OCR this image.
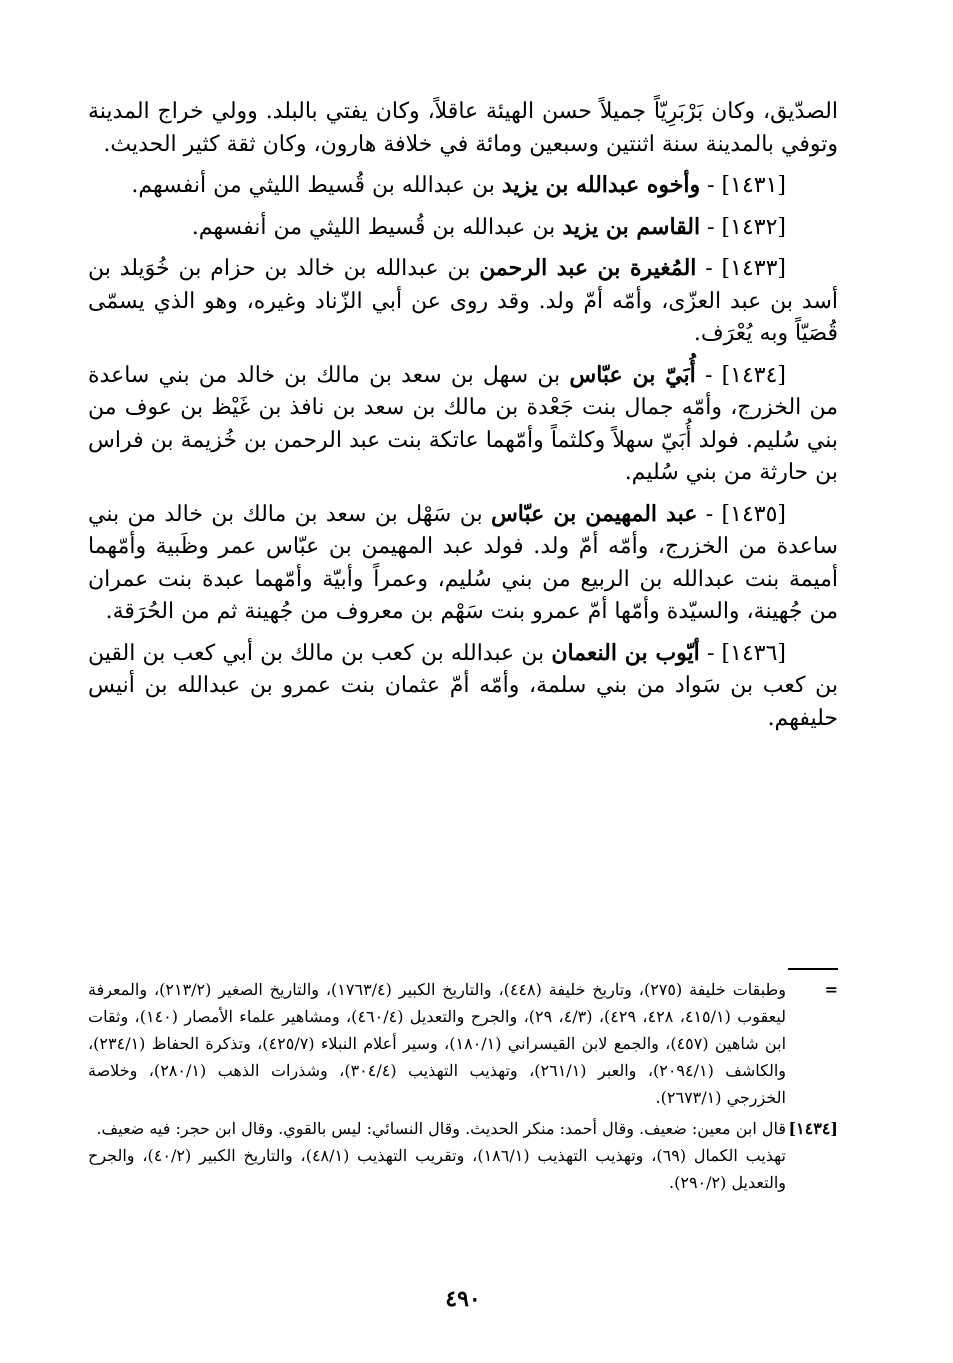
الصدّيق، وكان بَرْبَرِيّاً جميلاً حسن الهيئة عاقلاً، وكان يفتي بالبلد. وولي خراج المدينة وتوفي بالمدينة سنة اثنتين وسبعين ومائة في خلافة هارون، وكان ثقة كثير الحديث.

[١٤٣١] - وأخوه عبدالله بن يزيد بن عبدالله بن قُسيط الليثي من أنفسهم.

[١٤٣٢] - القاسم بن يزيد بن عبدالله بن قُسيط الليثي من أنفسهم.

[١٤٣٣] - المُغيرة بن عبد الرحمن بن عبدالله بن خالد بن حزام بن خُوَيلد بن أسد بن عبد العزّى، وأمّه أمّ ولد. وقد روى عن أبي الزّناد وغيره، وهو الذي يسمّى قُصَيّاً وبه يُعْرَف.

[١٤٣٤] - أُبَيّ بن عبّاس بن سهل بن سعد بن مالك بن خالد من بني ساعدة من الخزرج، وأمّه جمال بنت جَعْدة بن مالك بن سعد بن نافذ بن غَيْظ بن عوف من بني سُليم. فولد أُبَيّ سهلاً وكلثماً وأمّهما عاتكة بنت عبد الرحمن بن خُزيمة بن فراس بن حارثة من بني سُليم.

[١٤٣٥] - عبد المهيمن بن عبّاس بن سَهْل بن سعد بن مالك بن خالد من بني ساعدة من الخزرج، وأمّه أمّ ولد. فولد عبد المهيمن بن عبّاس عمر وظَبية وأمّهما أميمة بنت عبدالله بن الربيع من بني سُليم، وعمراً وأبيّة وأمّهما عبدة بنت عمران من جُهينة، والسيّدة وأمّها أمّ عمرو بنت سَهْم بن معروف من جُهينة ثم من الحُرَقة.

[١٤٣٦] - أيّوب بن النعمان بن عبدالله بن كعب بن مالك بن أبي كعب بن القين بن كعب بن سَواد من بني سلمة، وأمّه أمّ عثمان بنت عمرو بن عبدالله بن أنيس حليفهم.

=

وطبقات خليفة (٢٧٥)، وتاريخ خليفة (٤٤٨)، والتاريخ الكبير (١٧٦٣/٤)، والتاريخ الصغير (٢١٣/٢)، والمعرفة ليعقوب (٤١٥/١، ٤٢٨، ٤٢٩)، (٤/٣، ٢٩)، والجرح والتعديل (٤٦٠/٤)، ومشاهير علماء الأمصار (١٤٠)، وثقات ابن شاهين (٤٥٧)، والجمع لابن القيسراني (١٨٠/١)، وسير أعلام النبلاء (٤٢٥/٧)، وتذكرة الحفاظ (٢٣٤/١)، والكاشف (٢٠٩٤/١)، والعبر (٢٦١/١)، وتهذيب التهذيب (٣٠٤/٤)، وشذرات الذهب (٢٨٠/١)، وخلاصة الخزرجي (٢٦٧٣/١).

[١٤٣٤]

قال ابن معين: ضعيف. وقال أحمد: منكر الحديث. وقال النسائي: ليس بالقوي. وقال ابن حجر: فيه ضعيف.

تهذيب الكمال (٦٩)، وتهذيب التهذيب (١٨٦/١)، وتقريب التهذيب (٤٨/١)، والتاريخ الكبير (٤٠/٢)، والجرح والتعديل (٢٩٠/٢).

٤٩٠
